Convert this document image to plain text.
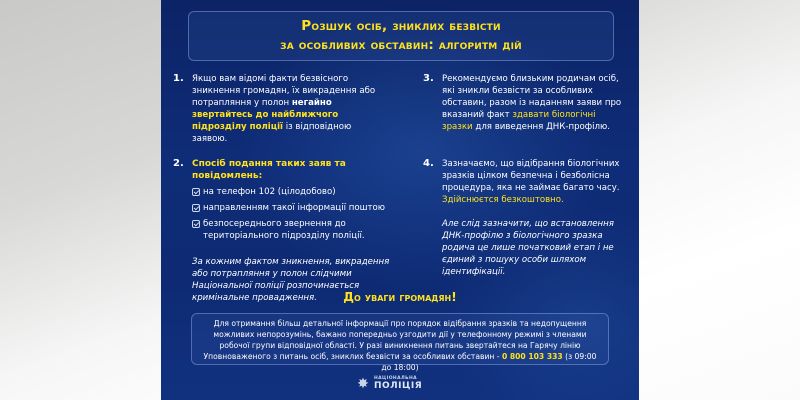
Розшук осіб, зниклих безвісти
за особливих обставин: алгоритм дій
1. Якщо вам відомі факти безвісного зникнення громадян, їх викрадення або потрапляння у полон негайно звертайтесь до найближчого підрозділу поліції із відповідною заявою.
3. Рекомендуємо близьким родичам осіб, які зникли безвісти за особливих обставин, разом із наданням заяви про вказаний факт здавати біологічні зразки для виведення ДНК-профілю.
2. Спосіб подання таких заяв та повідомлень:
на телефон 102 (цілодобово)
направленням такої інформації поштою
безпосереднього звернення до територіального підрозділу поліції.
За кожним фактом зникнення, викрадення або потрапляння у полон слідчими Національної поліції розпочинається кримінальне провадження.
4. Зазначаємо, що відібрання біологічних зразків цілком безпечна і безболісна процедура, яка не займає багато часу. Здійснюєтся безкоштовно.
Але слід зазначити, що встановлення ДНК-профілю з біологічного зразка родича це лише початковий етап і не єдиний з пошуку особи шляхом ідентифікації.
До уваги громадян!
Для отримання більш детальної інформації про порядок відібрання зразків та недопущення можливих непорозумінь, бажано попередньо узгодити дії у телефонному режимі з членами робочої групи відповідної області. У разі виникнення питань звертайтеся на Гарячу лінію Уповноваженого з питань осіб, зниклих безвісти за особливих обставин - 0 800 103 333 (з 09:00 до 18:00)
✸ НАЦІОНАЛЬНА
ПОЛІЦІЯ
